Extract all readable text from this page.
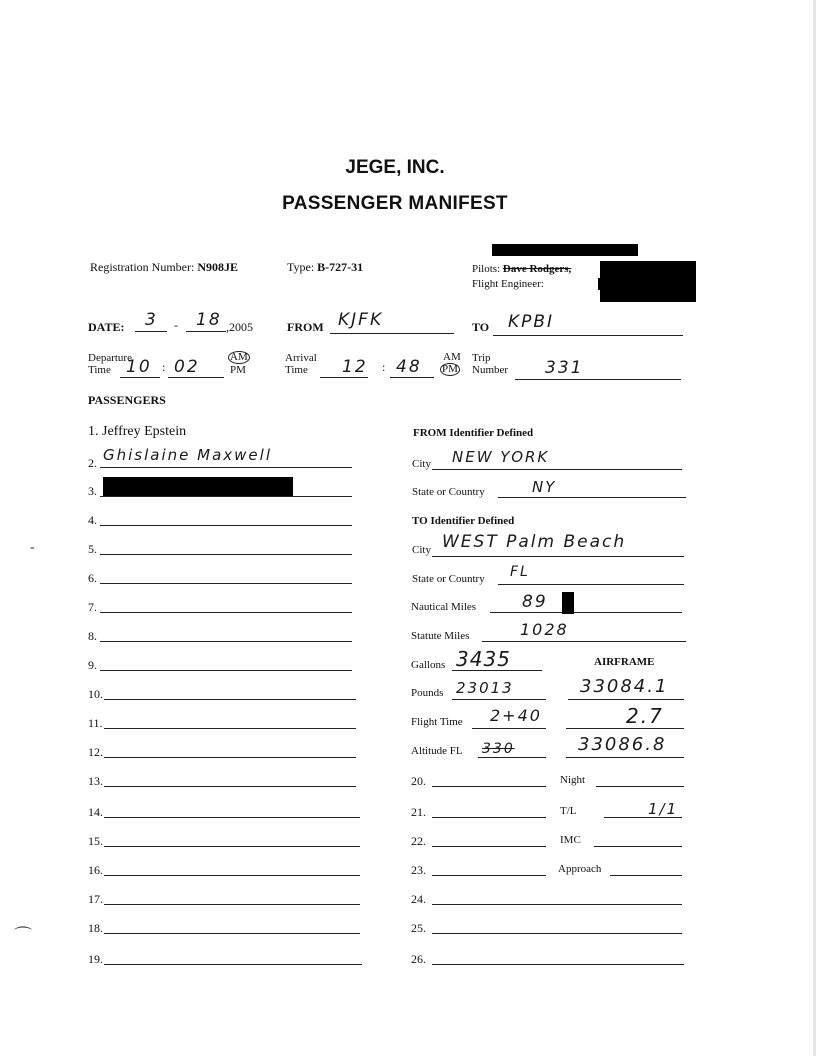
JEGE, INC.
PASSENGER MANIFEST
Registration Number: N908JE	Type: B-727-31	Pilots: Dave Rodgers,
Flight Engineer:
DATE: 3 - 18 ,2005	FROM KJFK	TO KPBI
Departure
Time 10 : 02	AM
PM
Arrival
Time	12 : 48 AM
PM
Trip
Number 331
PASSENGERS
1. Jeffrey Epstein
2. Ghislaine Maxwell
3.
4.
5.
6.
7.
8.
9.
10.
11.
12.
13.
14.
15.
16.
17.
18.
19.
FROM Identifier Defined
City NEW YORK
State or Country	NY
TO Identifier Defined
City WEST Palm Beach
State or Country FL
Nautical Miles	89
Statute Miles	1028
Gallons 3435	AIRFRAME
Pounds 23013	33084.1
Flight Time 2+40	2.7
Altitude FL 330	33086.8
20.	Night
21.	T/L	1/1
22.	IMC
23.	Approach
24.
25.
26.
-
⌒
